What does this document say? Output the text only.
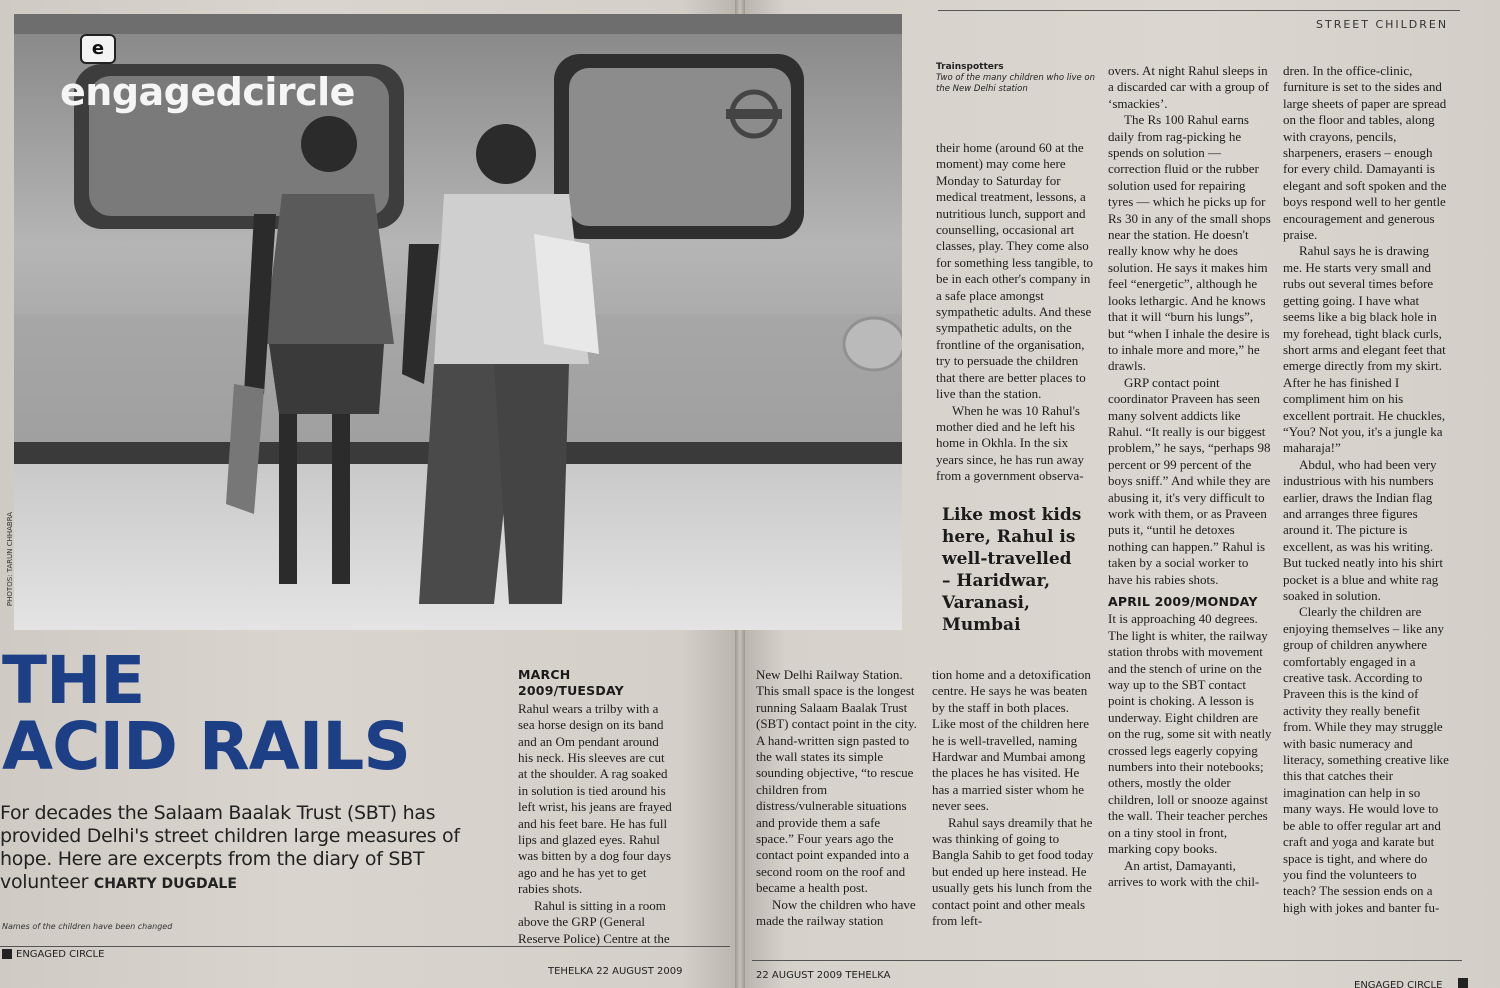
e
engagedcircle
PHOTOS: TARUN CHHABRA
THE
ACID RAILS
For decades the Salaam Baalak Trust (SBT) has provided Delhi's street children large measures of hope. Here are excerpts from the diary of SBT volunteer CHARTY DUGDALE
Names of the children have been changed
MARCH 2009/TUESDAY

Rahul wears a trilby with a sea horse design on its band and an Om pendant around his neck. His sleeves are cut at the shoulder. A rag soaked in solution is tied around his left wrist, his jeans are frayed and his feet bare. He has full lips and glazed eyes. Rahul was bitten by a dog four days ago and he has yet to get rabies shots.

Rahul is sitting in a room above the GRP (General Reserve Police) Centre at the

New Delhi Railway Station. This small space is the longest running Salaam Baalak Trust (SBT) contact point in the city. A hand-written sign pasted to the wall states its simple sounding objective, “to rescue children from distress/vulnerable situations and provide them a safe space.” Four years ago the contact point expanded into a second room on the roof and became a health post.

Now the children who have made the railway station

tion home and a detoxification centre. He says he was beaten by the staff in both places. Like most of the children here he is well-travelled, naming Hardwar and Mumbai among the places he has visited. He has a married sister whom he never sees.

Rahul says dreamily that he was thinking of going to Bangla Sahib to get food today but ended up here instead. He usually gets his lunch from the contact point and other meals from left-

ENGAGED CIRCLE
TEHELKA 22 AUGUST 2009
STREET CHILDREN
Trainspotters
Two of the many children who live on the New Delhi station

their home (around 60 at the moment) may come here Monday to Saturday for medical treatment, lessons, a nutritious lunch, support and counselling, occasional art classes, play. They come also for something less tangible, to be in each other's company in a safe place amongst sympathetic adults. And these sympathetic adults, on the frontline of the organisation, try to persuade the children that there are better places to live than the station.

When he was 10 Rahul's mother died and he left his home in Okhla. In the six years since, he has run away from a government observa-

Like most kids here, Rahul is well-travelled – Haridwar, Varanasi, Mumbai

overs. At night Rahul sleeps in a discarded car with a group of ‘smackies’.

The Rs 100 Rahul earns daily from rag-picking he spends on solution — correction fluid or the rubber solution used for repairing tyres — which he picks up for Rs 30 in any of the small shops near the station. He doesn't really know why he does solution. He says it makes him feel “energetic”, although he looks lethargic. And he knows that it will “burn his lungs”, but “when I inhale the desire is to inhale more and more,” he drawls.

GRP contact point coordinator Praveen has seen many solvent addicts like Rahul. “It really is our biggest problem,” he says, “perhaps 98 percent or 99 percent of the boys sniff.” And while they are abusing it, it's very difficult to work with them, or as Praveen puts it, “until he detoxes nothing can happen.” Rahul is taken by a social worker to have his rabies shots.

APRIL 2009/MONDAY

It is approaching 40 degrees. The light is whiter, the railway station throbs with movement and the stench of urine on the way up to the SBT contact point is choking. A lesson is underway. Eight children are on the rug, some sit with neatly crossed legs eagerly copying numbers into their notebooks; others, mostly the older children, loll or snooze against the wall. Their teacher perches on a tiny stool in front, marking copy books.

An artist, Damayanti, arrives to work with the chil-

dren. In the office-clinic, furniture is set to the sides and large sheets of paper are spread on the floor and tables, along with crayons, pencils, sharpeners, erasers – enough for every child. Damayanti is elegant and soft spoken and the boys respond well to her gentle encouragement and generous praise.

Rahul says he is drawing me. He starts very small and rubs out several times before getting going. I have what seems like a big black hole in my forehead, tight black curls, short arms and elegant feet that emerge directly from my skirt. After he has finished I compliment him on his excellent portrait. He chuckles, “You? Not you, it's a jungle ka maharaja!”

Abdul, who had been very industrious with his numbers earlier, draws the Indian flag and arranges three figures around it. The picture is excellent, as was his writing. But tucked neatly into his shirt pocket is a blue and white rag soaked in solution.

Clearly the children are enjoying themselves – like any group of children anywhere comfortably engaged in a creative task. According to Praveen this is the kind of activity they really benefit from. While they may struggle with basic numeracy and literacy, something creative like this that catches their imagination can help in so many ways. He would love to be able to offer regular art and craft and yoga and karate but space is tight, and where do you find the volunteers to teach? The session ends on a high with jokes and banter fu-

22 AUGUST 2009 TEHELKA
ENGAGED CIRCLE
